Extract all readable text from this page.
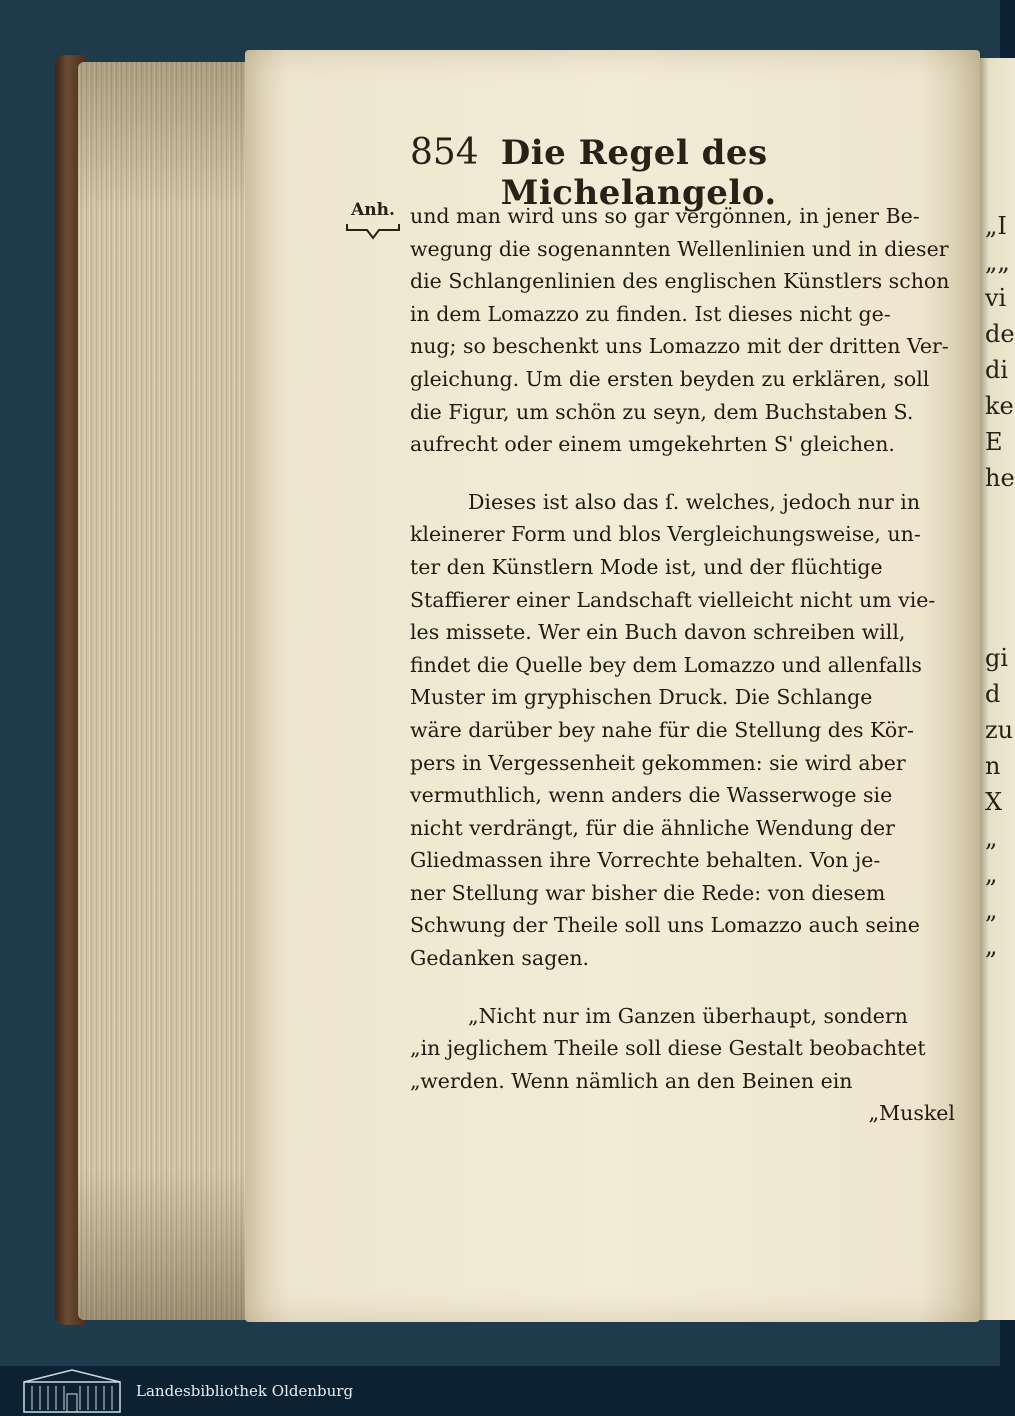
„I
„„
vi
de
di
ke
E
he
gi
d
zu
n
X
„
„
„
„
854 Die Regel des Michelangelo.
Anh. und man wird uns so gar vergönnen, in jener Be-
wegung die sogenannten Wellenlinien und in dieser
die Schlangenlinien des englischen Künstlers schon
in dem Lomazzo zu finden. Ist dieses nicht ge-
nug; so beschenkt uns Lomazzo mit der dritten Ver-
gleichung. Um die ersten beyden zu erklären, soll
die Figur, um schön zu seyn, dem Buchstaben S.
aufrecht oder einem umgekehrten S' gleichen.
Dieses ist also das ſ. welches, jedoch nur in
kleinerer Form und blos Vergleichungsweise, un-
ter den Künstlern Mode ist, und der flüchtige
Staffierer einer Landschaft vielleicht nicht um vie-
les missete. Wer ein Buch davon schreiben will,
findet die Quelle bey dem Lomazzo und allenfalls
Muster im gryphischen Druck. Die Schlange
wäre darüber bey nahe für die Stellung des Kör-
pers in Vergessenheit gekommen: sie wird aber
vermuthlich, wenn anders die Wasserwoge sie
nicht verdrängt, für die ähnliche Wendung der
Gliedmassen ihre Vorrechte behalten. Von je-
ner Stellung war bisher die Rede: von diesem
Schwung der Theile soll uns Lomazzo auch seine
Gedanken sagen.
„Nicht nur im Ganzen überhaupt, sondern
„in jeglichem Theile soll diese Gestalt beobachtet
„werden. Wenn nämlich an den Beinen ein
„Muskel
Landesbibliothek Oldenburg
